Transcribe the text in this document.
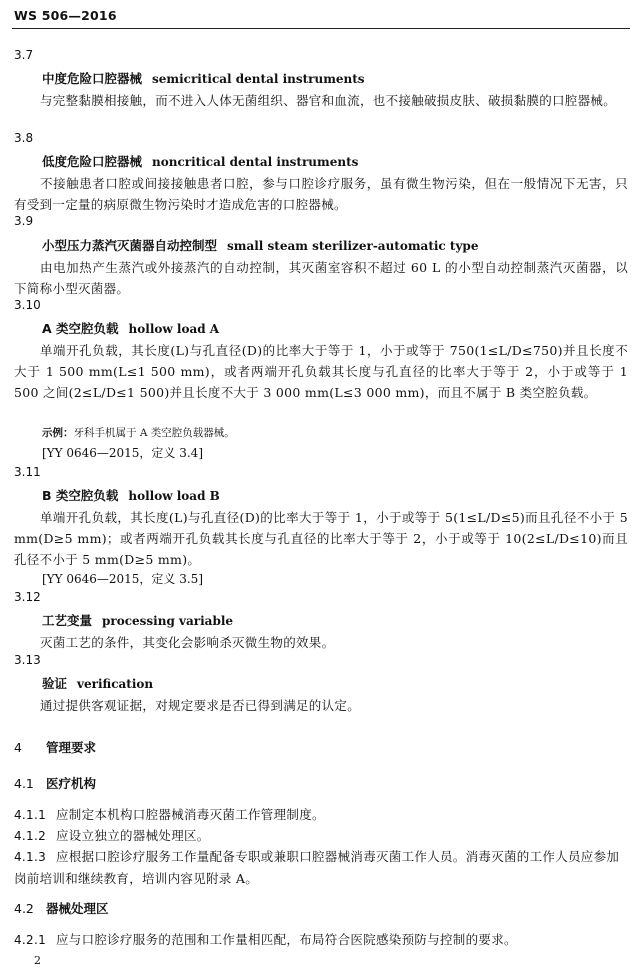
WS 506—2016
3.7
中度危险口腔器械 semicritical dental instruments
与完整黏膜相接触，而不进入人体无菌组织、器官和血流，也不接触破损皮肤、破损黏膜的口腔器械。
3.8
低度危险口腔器械 noncritical dental instruments
不接触患者口腔或间接接触患者口腔，参与口腔诊疗服务，虽有微生物污染，但在一般情况下无害，只有受到一定量的病原微生物污染时才造成危害的口腔器械。
3.9
小型压力蒸汽灭菌器自动控制型 small steam sterilizer-automatic type
由电加热产生蒸汽或外接蒸汽的自动控制，其灭菌室容积不超过 60 L 的小型自动控制蒸汽灭菌器，以下简称小型灭菌器。
3.10
A 类空腔负载 hollow load A
单端开孔负载，其长度(L)与孔直径(D)的比率大于等于 1，小于或等于 750(1≤L/D≤750)并且长度不大于 1 500 mm(L≤1 500 mm)，或者两端开孔负载其长度与孔直径的比率大于等于 2，小于或等于 1 500 之间(2≤L/D≤1 500)并且长度不大于 3 000 mm(L≤3 000 mm)，而且不属于 B 类空腔负载。
示例：牙科手机属于 A 类空腔负载器械。
[YY 0646—2015，定义 3.4]
3.11
B 类空腔负载 hollow load B
单端开孔负载，其长度(L)与孔直径(D)的比率大于等于 1，小于或等于 5(1≤L/D≤5)而且孔径不小于 5 mm(D≥5 mm)；或者两端开孔负载其长度与孔直径的比率大于等于 2，小于或等于 10(2≤L/D≤10)而且孔径不小于 5 mm(D≥5 mm)。
[YY 0646—2015，定义 3.5]
3.12
工艺变量 processing variable
灭菌工艺的条件，其变化会影响杀灭微生物的效果。
3.13
验证 verification
通过提供客观证据，对规定要求是否已得到满足的认定。
4 管理要求
4.1 医疗机构
4.1.1 应制定本机构口腔器械消毒灭菌工作管理制度。
4.1.2 应设立独立的器械处理区。
4.1.3 应根据口腔诊疗服务工作量配备专职或兼职口腔器械消毒灭菌工作人员。消毒灭菌的工作人员应参加岗前培训和继续教育，培训内容见附录 A。
4.2 器械处理区
4.2.1 应与口腔诊疗服务的范围和工作量相匹配，布局符合医院感染预防与控制的要求。
2
